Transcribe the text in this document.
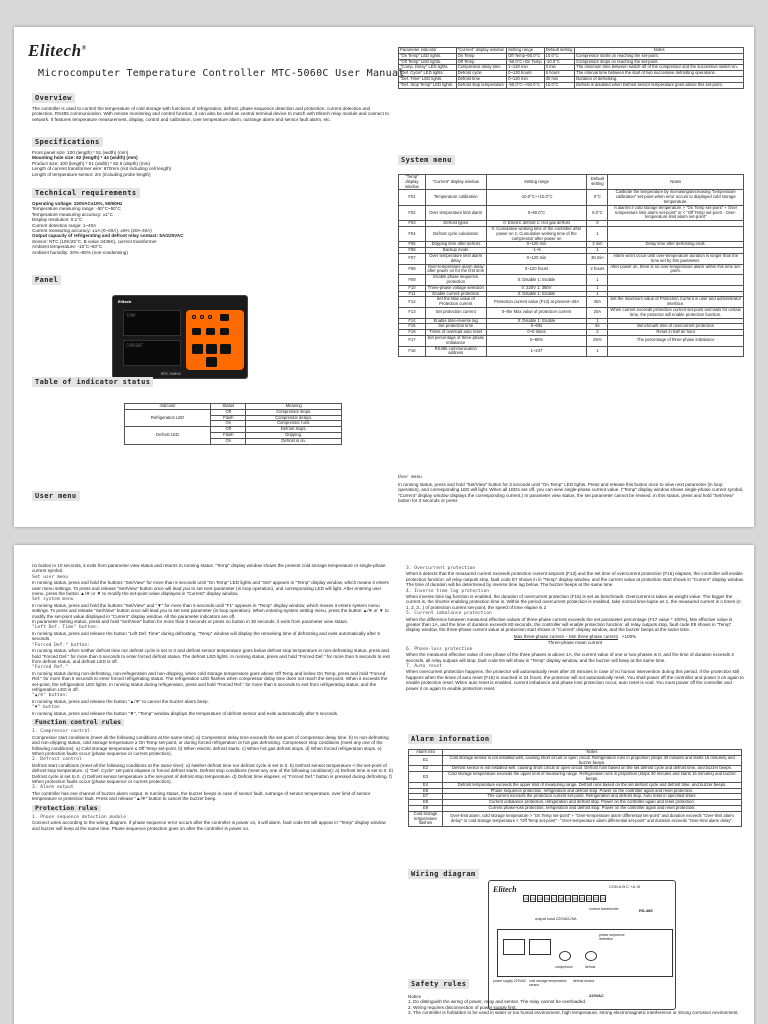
Elitech®
Microcomputer Temperature Controller MTC-5060C User Manual
Overview
The controller is used to control the temperature of cold storage with functions of refrigeration, defrost, phase sequence detection and protection, current detection and protection, RS485 communication. With remote monitoring and control function, it can also be used as central terminal device to match with Elitech relay module and connect to network. It features temperature measurement, display, control and calibration, over temperature alarm, outrange alarm and sensor fault alarm, etc.
Specifications
Front panel size: 100 (length) * 51 (width) (mm)
Mounting hole size: 92 (length) * 44 (width) (mm)
Product size: 100 (length) * 51 (width) * 82.5 (depth) (mm)
Length of current transformer wire: 670mm (not including cell length)
Length of temperature sensor: 2m (including probe length)
Technical requirements
Operating voltage: 220VAC±10%, 50/60Hz
Temperature measuring range: -50°C~50°C
Temperature measuring accuracy: ±1°C
Display resolution: 0.1°C
Current detection range: 1~40A
Current measuring accuracy: ±1A (0~20A), ±5% (20A-40A)
Output capacity of refrigerating and defrost relay contact: 5A/220VAC
Sensor: NTC (10K/25°C, B value 3435K), current transformer
Ambient temperature: -15°C~60°C
Ambient humidity: 20%~85% (non-condensing)
Panel
Elitech
TEMP
CURRENT
MTC-5060C
Table of indicator status
Indicator	Status	Meaning
Refrigeration LED	Off	Compressor stops.
	Flash	Compressor delays.
	On	Compressor runs.
Defrost LED	Off	Defrost stops.
	Flash	Dripping.
	On	Defrost is on.
User menu
Parameter indicator	"Current" display window	Setting range	Default setting	Notes
"On Temp" LED lights.	On Temp	Off Temp~50.0°C	10.0°C	Compressor starts on reaching the set-point.
"Off Temp" LED lights.	Off Temp	-50.0°C~On Temp	-10.0°C	Compressor stops on reaching the set-point.
"Comp. Delay" LED lights.	Compressor delay time	1~120 min	3 min	The minimum time between switch-off of the compressor and the successive switch-on.
"Def. Cycle" LED lights.	Defrost cycle	0~120 hours	6 hours	The interval time between the start of two successive defrosting operations.
"Def. Time" LED lights.	Defrost time	0~120 min	30 min	Duration of defrosting.
"Def. Stop Temp" LED lights.	Defrost stop temperature	-50.0°C~+50.0°C	10.0°C	Defrost is disabled when Defrost sensor temperature goes above this set-point.
System menu
"Temp" display window	"Current" display window	Setting range	Default setting	Notes
F01	Temperature calibration	-10.0°C~+10.0°C	0°C	Calibrate the temperature by increasing/decreasing "temperature calibration" set-point when error occurs to displayed cold storage temperature.
F02	Over temperature limit alarm	0~50.0°C	5.0°C	It alarms if cold storage temperature > "On Temp set-point" + Over temperature limit alarm set-point" or < "Off Temp set-point - Over-temperature limit alarm set-point"
F03	Defrost types	0: Electric defrost 1: Hot gas defrost	0	
F04	Defrost cycle calculation	0: Cumulative working time of the controller after power on 1: Cumulative working time of the compressor after power on	1	
F05	Dripping time after defrost	0~120 min	3 min	Delay time after defrosting ends.
F06	Backup mode	-1~5	1	
F07	Over temperature limit alarm delay	0~120 min	30 min	Alarm won't occur until over-temperature duration is longer than the time set by this parameter.
F08	Over-temperature alarm delay after power on for the first time	0~120 hours	2 hours	After power on, there is no over-temperature alarm within this time set-point.
F09	Enable phase sequence protection	0: Disable 1: Enable	1	
F10	Three-phase voltage selection	0: 220V 1: 380V	1	
F11	Enable current protection	0: Disable 1: Enable	1	
F12	Set the Max value of Protection current	Protection current value (F13) at present~40A	40A	Set the maximum value of Protection Current in user and administrator interface.
F13	Set protection current	0~the Max value of protection current	20A	When current exceeds protection current set-point and lasts for certain time, the protector will enable protection function.
F14	Enable time-reverse lag	0: Disable 1: Enable	1	
F15	Set protection time	0~60s	5s	Benchmark time of overcurrent protection
F16	Times of overload auto reset	0~5 times	2	Reset in half an hour
F17	Set percentage of three-phase imbalance	5~80%	25%	The percentage of three-phase imbalance
F18	RS485 communication address	1~247	1	
User menu
In running status, press and hold "Set/View" button for 3 seconds until "On Temp" LED lights. Press and release this button once to view next parameter (in loop operation), and corresponding LED will light. When all LEDs are off, you can view single-phase current value. ("Temp" display window shows single-phase current symbol, "Current" display window displays the corresponding current.) In parameter view status, the set parameter cannot be revised. In this status, press and hold "Set/View" button for 3 seconds or press
no button in 10 seconds, it exits from parameter view status and returns to running status. "Temp" display window shows the present cold storage temperature or single-phase current symbol.
Set user menu
In running status, press and hold the buttons "Set/View" for more than 5 seconds until "On Temp" LED lights and "Set" appears in "Temp" display window, which means it enters user menu settings. To press and release "Set/View" button once will lead you to set next parameter (in loop operation), and corresponding LED will light. After entering user menu, press the button ▲/❄ or ▼ to modify the set-point value displayed in "Current" display window.
Set system menu
In running status, press and hold the buttons "Set/View" and "▼" for more than 5 seconds until "F1" appears in "Temp" display window, which means it enters system menu settings. To press and release "Set/View" button once will lead you to set next parameter (in loop operation). When entering system setting menu, press the button ▲/❄ or ▼ to modify the set-point value displayed in "Current" display window. All the parameter indicators are off.
In parameter setting status, press and hold "Set/View" button for more than 3 seconds or press no button in 30 seconds, it exits from parameter view status.
"Left Def. Time" button:
In running status, press and release the button "Left Def. Time" during defrosting, "Temp" window will display the remaining time of defrosting and exits automatically after 5 seconds.
"Forced Def." button:
In running status, when neither defrost time nor defrost cycle is set to 0 and defrost sensor temperature goes below defrost stop temperature in non-defrosting status, press and hold "Forced Def." for more than 5 seconds to enter forced defrost status. The defrost LED lights. In running status, press and hold "Forced Def." for more than 5 seconds to exit from defrost status, and defrost LED is off.
"Forced Ref."
In running status during non-defrosting, non-refrigeration and non-dripping, when cold storage temperature goes above Off Temp and below On Temp, press and hold "Forced Ref." for more than 5 seconds to enter forced refrigerating status. The refrigeration LED flashes when compressor delay time does not reach the set-point. When it exceeds the set-point, the refrigeration LED lights. In running status during refrigeration, press and hold "Forced Ref." for more than 5 seconds to exit from refrigerating status, and the refrigeration LED is off.
"▲/❄" button:
In running status, press and release the button "▲/❄" to cancel the buzzer alarm beep.
"▼" button
In running status, press and release the button "▼", "Temp" window displays the temperature of defrost sensor and exits automatically after 5 seconds.
Function control rules
1. Compressor control
Compressor start conditions (meet all the following conditions at the same time): a) Compressor delay time exceeds the set-point of compressor delay time. b) In non-defrosting and non-dripping status, cold storage temperature ≥ On Temp set-point, or during forced refrigeration or hot gas defrosting. Compressor stop conditions (meet any one of the following conditions): a) Cold storage temperature ≤ Off Temp set-point. b) When electric defrost starts. c) When hot gas defrost stops. d) When forced refrigeration stops. e) When protection faults occur (phase sequence or current protection).
2. Defrost control
Defrost start conditions (meet all the following conditions at the same time): a) Neither defrost time nor defrost cycle is set to 0. b) Defrost sensor temperature < the set-point of defrost stop temperature. c) "Def. Cycle" set-point elapses or forced defrost starts. Defrost stop conditions (meet any one of the following conditions): a) Defrost time is set to 0. b) Defrost cycle is set to 0. c) Defrost sensor temperature ≥ the set-point of defrost stop temperature. d) Defrost time elapses. e) "Forced Def." button is pressed during defrosting. f) When protection faults occur (phase sequence or current protection).
3. Alarm output
The controller has one channel of buzzer alarm output. In running status, the buzzer beeps in case of sensor fault, outrange of sensor temperature, over limit of sensor temperature or protection fault. Press and release "▲/❄" button to cancel the buzzer beep.
Protection rules
1. Phase sequence detection module
Connect wires according to the wiring diagram. If phase sequence error occurs after the controller is power on, it will alarm, fault code E6 will appear in "Temp" display window and buzzer will beep at the same time. Phase sequence protection goes on after the controller is power on.
3. Overcurrent protection
When it detects that the measured current exceeds protection current setpoint (F13) and the set time of overcurrent protection (F15) elapses, the controller will enable protection function: all relay outputs stop, fault code E7 shows in in "Temp" display window, and the current value at protection start shows in "Current" display window. The time of duration will be determined by inverse time lag below. The buzzer beeps at the same time.
4. Inverse time lag protection
When inverse time lag function is enabled, the duration of overcurrent protection (F15) is set as benchmark. Overcurrent is taken as weight value. The bigger the current is, the shorter enabling protection time is. Within the period overcurrent protection is enabled, take normal time-lapse as 1, the measured current is n times (n: 1, 2, 3...) of protection current set-point, the speed of time elapse is 2
5. Current imbalance protection
When the difference between measured effective values of three-phase current exceeds the set parameter percentage (F17 value * 100%), Min effective value is greater than 1A, and the time of duration exceeds 60 seconds, the controller will enable protection function: all relay outputs stop, fault code E8 shows in "Temp" display window, the three-phase current value at protection start shows in "Current" display window, and the buzzer beeps at the same time.
Max three-phase current − Min three-phase current ×100%
Three-phase mean current
6. Phase-loss protection
When the measured effective value of one phase of the three phases is above 1A, the current value of one or two phases is 0, and the time of duration exceeds 3 seconds, all relay outputs will stop, fault code E9 will show in "Temp" display window, and the buzzer will beep at the same time.
7. Auto reset
When overcurrent protection happens, the protector will automatically reset after 30 minutes in case of no human intervention during this period. If the protection still happens when the times of auto reset (F16) is reached in 24 hours, the protector will not automatically reset. You shall power off the controller and power it on again to enable protection reset. When auto reset is enabled, current imbalance and phase loss protection occur, auto reset is void. You must power off the controller and power it on again to enable protection reset.
Alarm information
Alarm info	Notes
E1	Cold storage sensor is not installed well, causing short circuit or open circuit. Refrigeration runs in proportion (stops 30 minutes and starts 15 minutes) and buzzer beeps.
E2	Defrost sensor is not installed well, causing short circuit or open circuit. Defrost runs based on the set defrost cycle and defrost time, and buzzer beeps.
E3	Cold storage temperature exceeds the upper limit of measuring range. Refrigeration runs in proportion (stops 30 minutes and starts 15 minutes) and buzzer beeps.
E4	Defrost temperature exceeds the upper limit of measuring range. Defrost runs based on the set defrost cycle and defrost time, and buzzer beeps.
E6	Phase sequence protection, refrigeration and defrost stop. Power on the controller again and reset protection.
E7	The current exceeds the protection current set-point. Refrigeration and defrost stop. Auto reset in specified times.
E8	Current unbalance protection, refrigeration and defrost stop. Power on the controller again and reset protection.
E9	Current phase-loss protection, refrigeration and defrost stop. Power on the controller again and reset protection.
Cold storage temperature flashes	Over-limit alarm, cold storage temperature > "On Temp set-point" + "Over-temperature alarm differential set-point" and duration exceeds "Over-limit alarm delay" or cold storage temperature < "Off Temp set-point" - "Over-temperature alarm differential set-point" and duration exceeds "Over-limit alarm delay".
Wiring diagram
Elitech	CON A B C +A -B
RS-485
current transformer
13 14 15 16 17 18 19 20 21 22 23 24
output load 220VAC/5A
phase sequence detection
power supply 220VAC cold storage temperature sensor
compressor	defrost
defrost sensor
220VAC
Safety rules
Notice
1. Do distinguish the wiring of power, relay and sensor. The relay cannot be overloaded.
2. Wiring requires disconnection of power supply first.
3. The controller is forbidden to be used in water or too humid environment, high temperature, strong electromagnetic interference or strong corrosion environment.
